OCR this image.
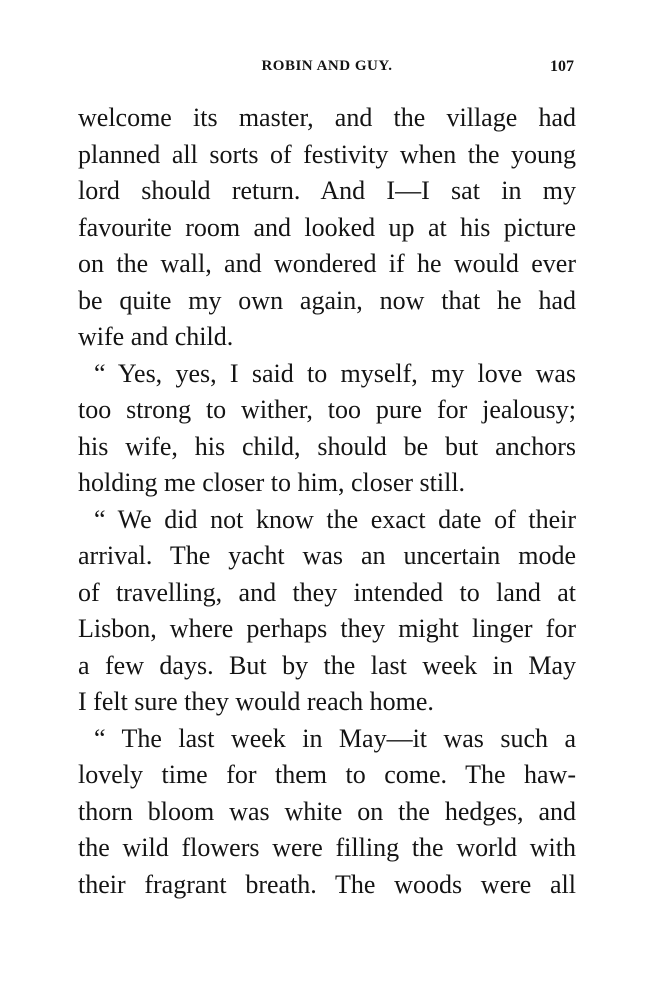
ROBIN AND GUY.	107
welcome its master, and the village had
planned all sorts of festivity when the young
lord should return. And I—I sat in my
favourite room and looked up at his picture
on the wall, and wondered if he would ever
be quite my own again, now that he had
wife and child.
“ Yes, yes, I said to myself, my love was
too strong to wither, too pure for jealousy;
his wife, his child, should be but anchors
holding me closer to him, closer still.
“ We did not know the exact date of their
arrival. The yacht was an uncertain mode
of travelling, and they intended to land at
Lisbon, where perhaps they might linger for
a few days. But by the last week in May
I felt sure they would reach home.
“ The last week in May—it was such a
lovely time for them to come. The haw-
thorn bloom was white on the hedges, and
the wild flowers were filling the world with
their fragrant breath. The woods were all
